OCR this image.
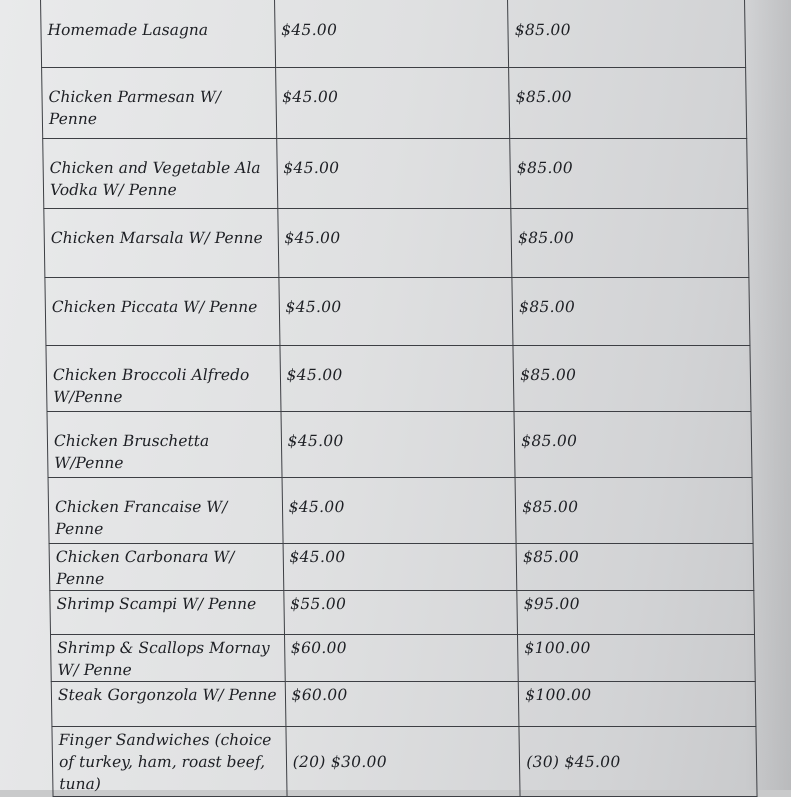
Homemade Lasagna	$45.00	$85.00
Chicken Parmesan W/ Penne	$45.00	$85.00
Chicken and Vegetable Ala Vodka W/ Penne	$45.00	$85.00
Chicken Marsala W/ Penne	$45.00	$85.00
Chicken Piccata W/ Penne	$45.00	$85.00
Chicken Broccoli Alfredo W/Penne	$45.00	$85.00
Chicken Bruschetta W/Penne	$45.00	$85.00
Chicken Francaise W/ Penne	$45.00	$85.00
Chicken Carbonara W/ Penne	$45.00	$85.00
Shrimp Scampi W/ Penne	$55.00	$95.00
Shrimp & Scallops Mornay W/ Penne	$60.00	$100.00
Steak Gorgonzola W/ Penne	$60.00	$100.00
Finger Sandwiches (choice of turkey, ham, roast beef, tuna)	(20) $30.00	(30) $45.00
